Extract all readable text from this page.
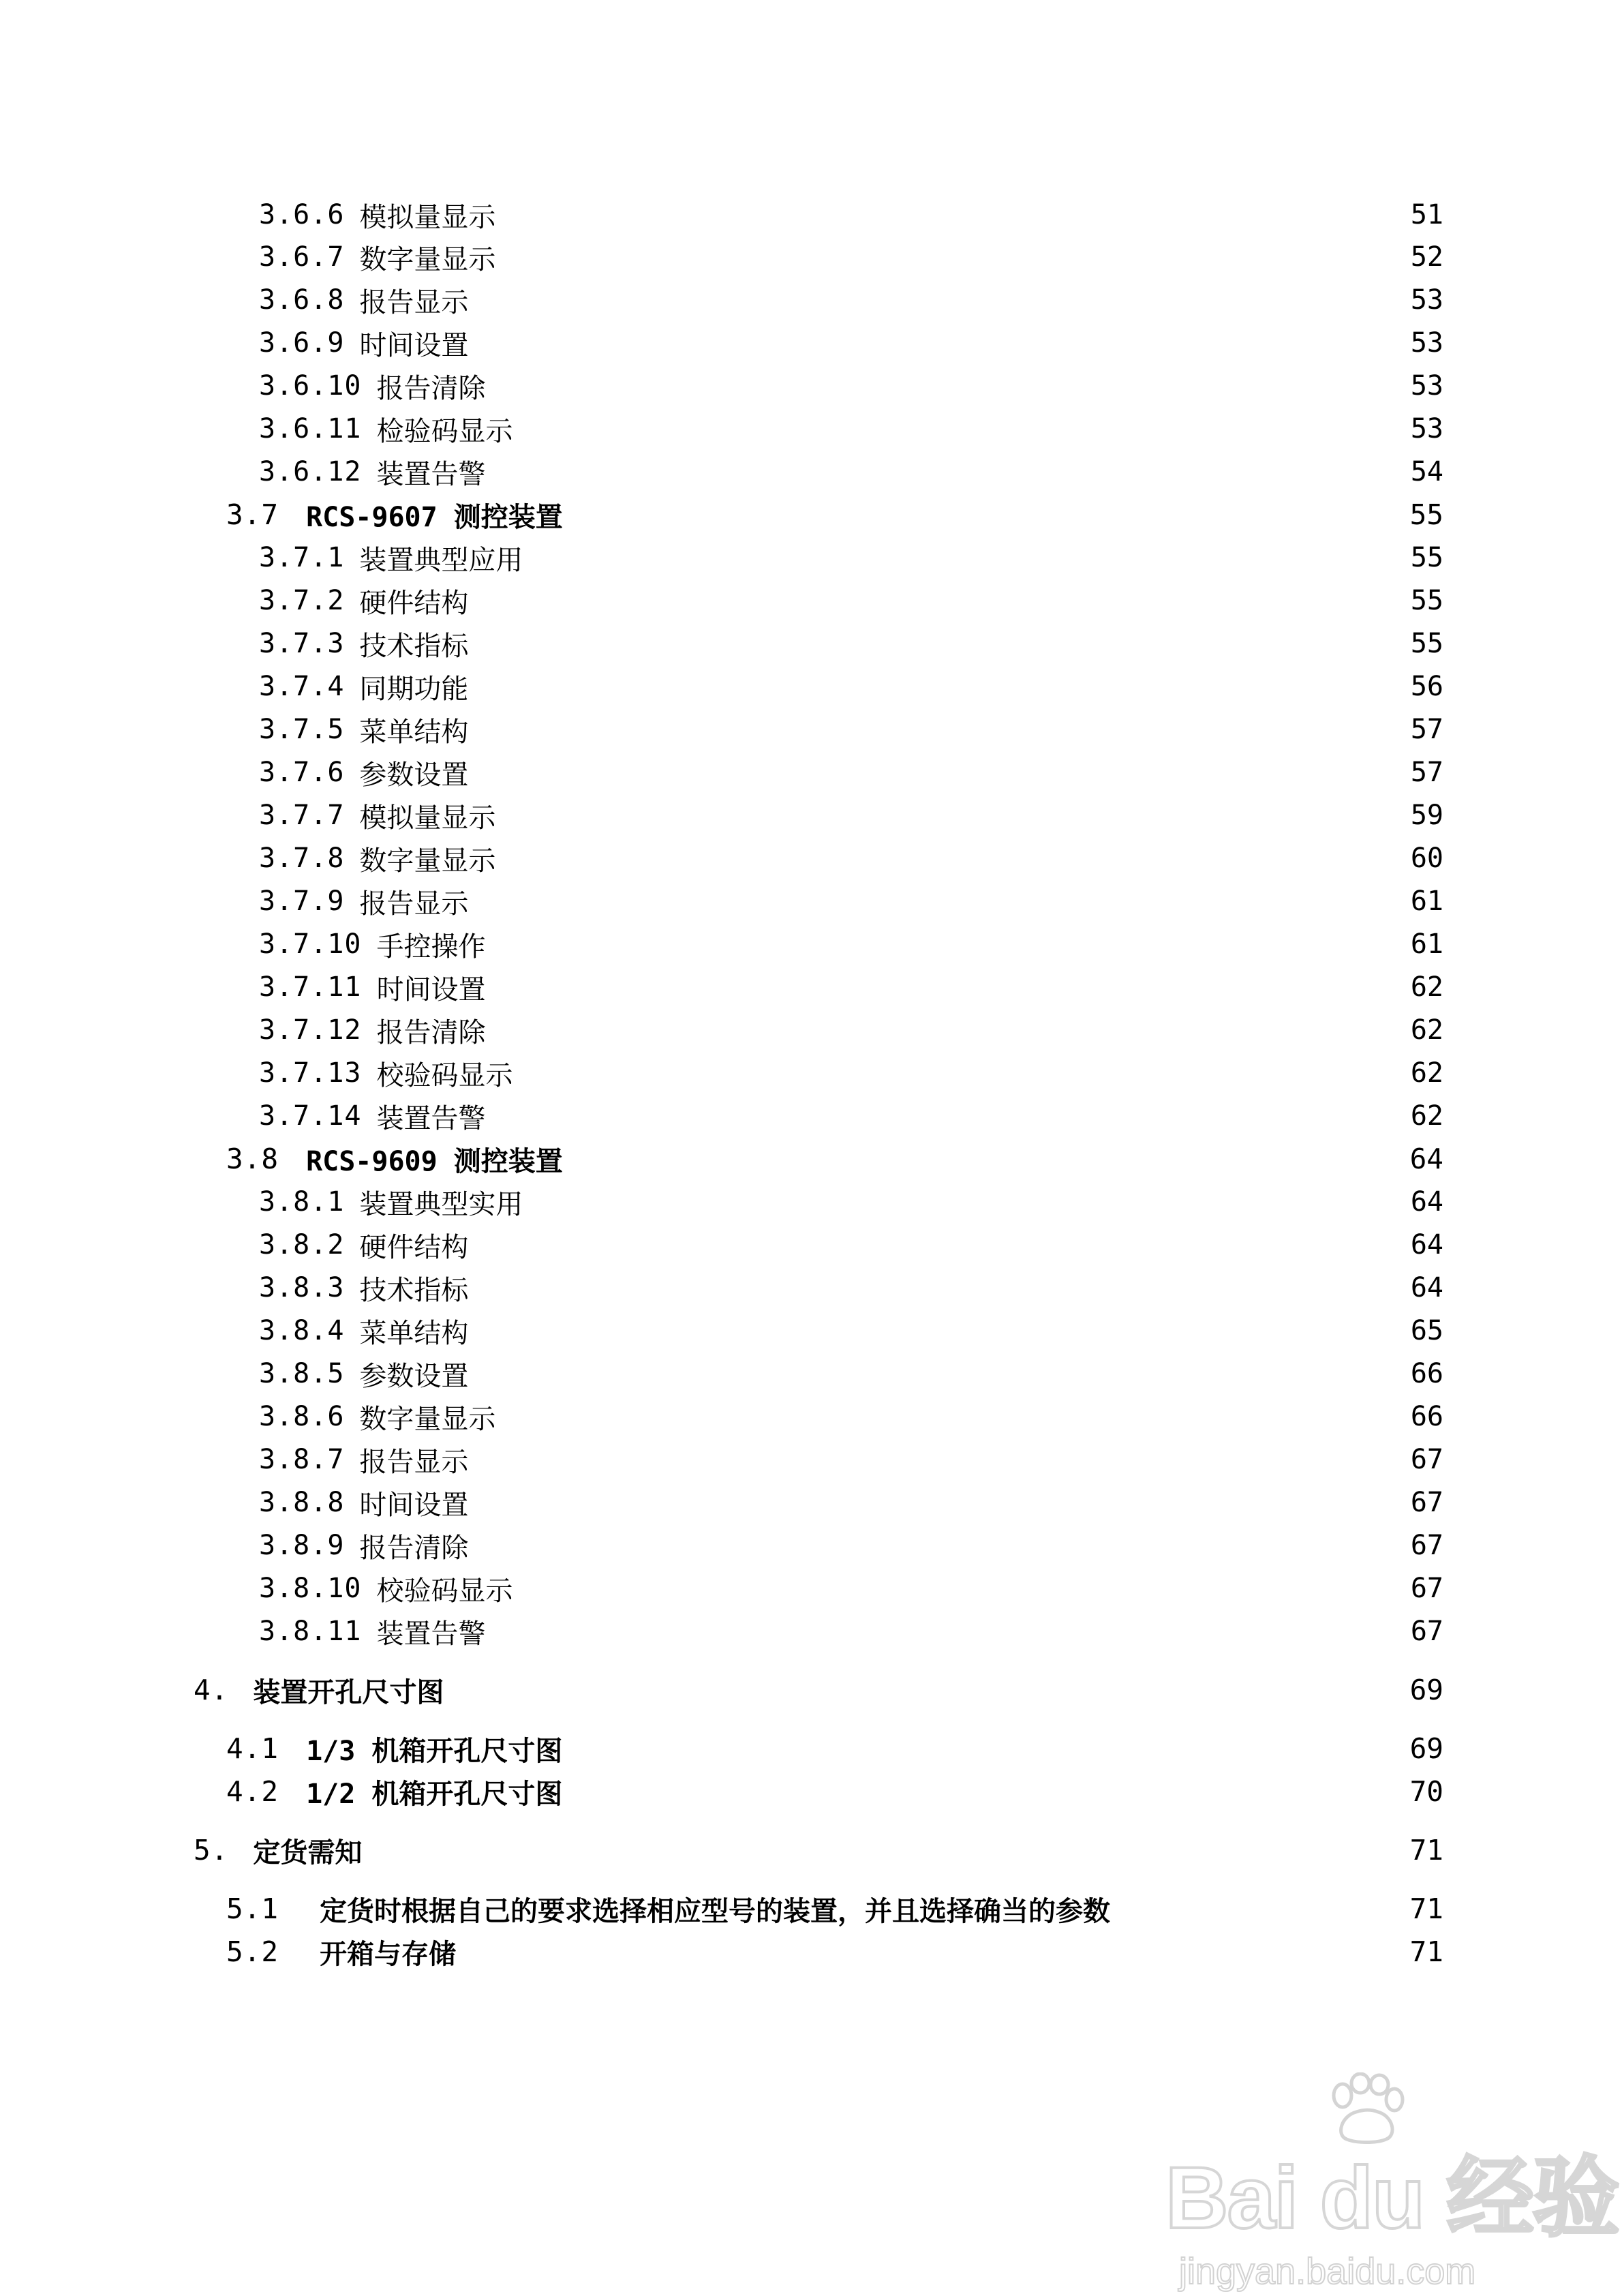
3.6.6 模拟量显示	51
3.6.7 数字量显示	52
3.6.8 报告显示	53
3.6.9 时间设置	53
3.6.10 报告清除	53
3.6.11 检验码显示	53
3.6.12 装置告警	54
3.7 RCS-9607 测控装置	55
3.7.1 装置典型应用	55
3.7.2 硬件结构	55
3.7.3 技术指标	55
3.7.4 同期功能	56
3.7.5 菜单结构	57
3.7.6 参数设置	57
3.7.7 模拟量显示	59
3.7.8 数字量显示	60
3.7.9 报告显示	61
3.7.10 手控操作	61
3.7.11 时间设置	62
3.7.12 报告清除	62
3.7.13 校验码显示	62
3.7.14 装置告警	62
3.8 RCS-9609 测控装置	64
3.8.1 装置典型实用	64
3.8.2 硬件结构	64
3.8.3 技术指标	64
3.8.4 菜单结构	65
3.8.5 参数设置	66
3.8.6 数字量显示	66
3.8.7 报告显示	67
3.8.8 时间设置	67
3.8.9 报告清除	67
3.8.10 校验码显示	67
3.8.11 装置告警	67
4. 装置开孔尺寸图	69
4.1 1/3 机箱开孔尺寸图	69
4.2 1/2 机箱开孔尺寸图	70
5. 定货需知	71
5.1 定货时根据自己的要求选择相应型号的装置，并且选择确当的参数	71
5.2 开箱与存储	71
Bai du 经验
jingyan.baidu.com
